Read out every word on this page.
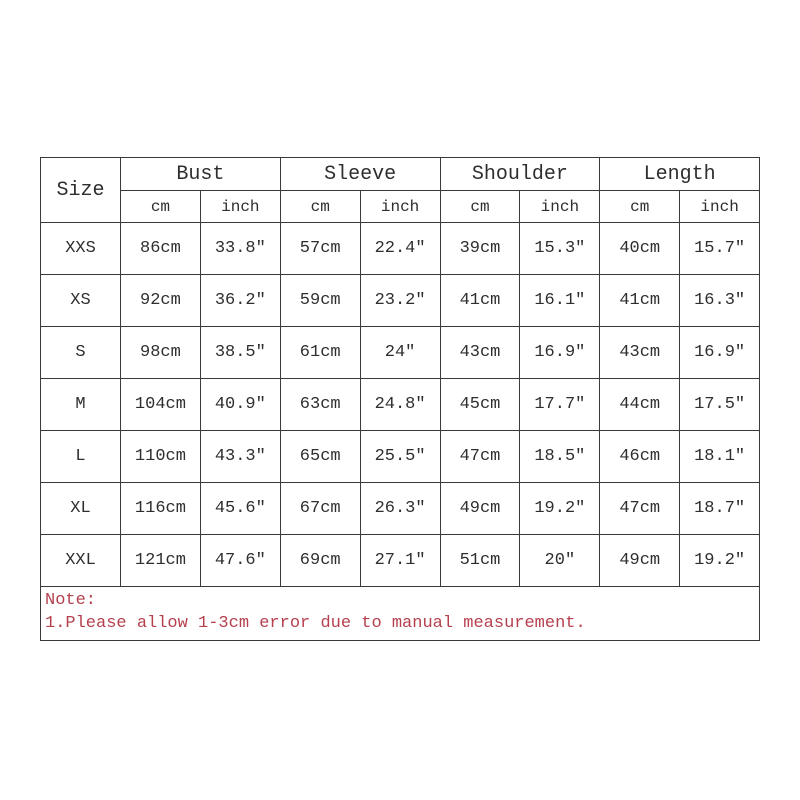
Size	Bust		Sleeve		Shoulder		Length	
	cm	inch	cm	inch	cm	inch	cm	inch
XXS	86cm	33.8″	57cm	22.4″	39cm	15.3″	40cm	15.7″
XS	92cm	36.2″	59cm	23.2″	41cm	16.1″	41cm	16.3″
S	98cm	38.5″	61cm	24″	43cm	16.9″	43cm	16.9″
M	104cm	40.9″	63cm	24.8″	45cm	17.7″	44cm	17.5″
L	110cm	43.3″	65cm	25.5″	47cm	18.5″	46cm	18.1″
XL	116cm	45.6″	67cm	26.3″	49cm	19.2″	47cm	18.7″
XXL	121cm	47.6″	69cm	27.1″	51cm	20″	49cm	19.2″

Note:
1.Please allow 1-3cm error due to manual measurement.								
